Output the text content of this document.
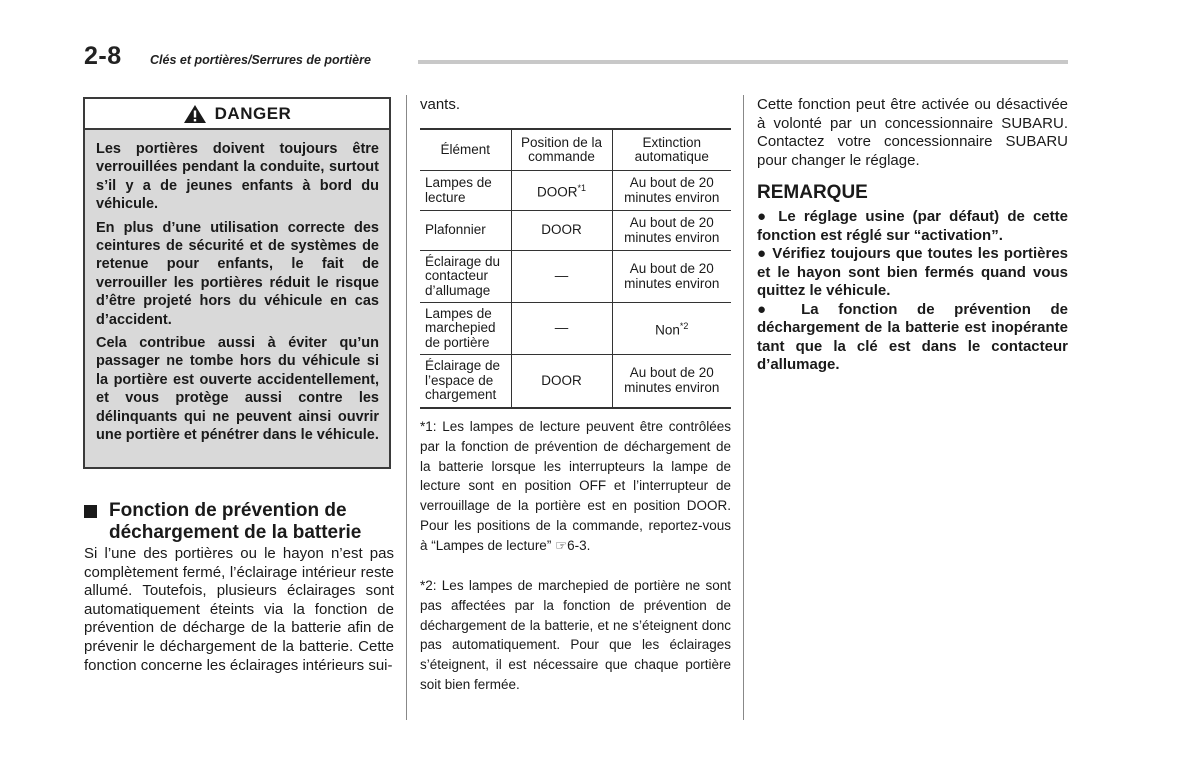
2-8 Clés et portières/Serrures de portière
DANGER

Les portières doivent toujours être verrouillées pendant la conduite, surtout s’il y a de jeunes enfants à bord du véhicule.

En plus d’une utilisation correcte des ceintures de sécurité et de systèmes de retenue pour enfants, le fait de verrouiller les portières réduit le risque d’être projeté hors du véhicule en cas d’accident.

Cela contribue aussi à éviter qu’un passager ne tombe hors du véhicule si la portière est ouverte accidentellement, et vous protège aussi contre les délinquants qui ne peuvent ainsi ouvrir une portière et pénétrer dans le véhicule.

Fonction de prévention de déchargement de la batterie
Si l’une des portières ou le hayon n’est pas complètement fermé, l’éclairage intérieur reste allumé. Toutefois, plusieurs éclairages sont automatiquement éteints via la fonction de prévention de décharge de la batterie afin de prévenir le déchargement de la batterie. Cette fonction concerne les éclairages intérieurs sui-
vants.
Élément	Position de la commande	Extinction automatique
Lampes de lecture	DOOR$^{*1}$	Au bout de 20 minutes environ
Plafonnier	DOOR	Au bout de 20 minutes environ
Éclairage du contacteur d’allumage	—	Au bout de 20 minutes environ
Lampes de marchepied de portière	—	Non$^{*2}$
Éclairage de l’espace de chargement	DOOR	Au bout de 20 minutes environ
*1: Les lampes de lecture peuvent être contrôlées par la fonction de prévention de déchargement de la batterie lorsque les interrupteurs la lampe de lecture sont en position OFF et l’interrupteur de verrouillage de la portière est en position DOOR. Pour les positions de la commande, reportez-vous à “Lampes de lecture” ☞6-3.
*2: Les lampes de marchepied de portière ne sont pas affectées par la fonction de prévention de déchargement de la batterie, et ne s’éteignent donc pas automatiquement. Pour que les éclairages s’éteignent, il est nécessaire que chaque portière soit bien fermée.
Cette fonction peut être activée ou désactivée à volonté par un concessionnaire SUBARU. Contactez votre concessionnaire SUBARU pour changer le réglage.
REMARQUE

● Le réglage usine (par défaut) de cette fonction est réglé sur “activation”.

● Vérifiez toujours que toutes les portières et le hayon sont bien fermés quand vous quittez le véhicule.

● La fonction de prévention de déchargement de la batterie est inopérante tant que la clé est dans le contacteur d’allumage.
